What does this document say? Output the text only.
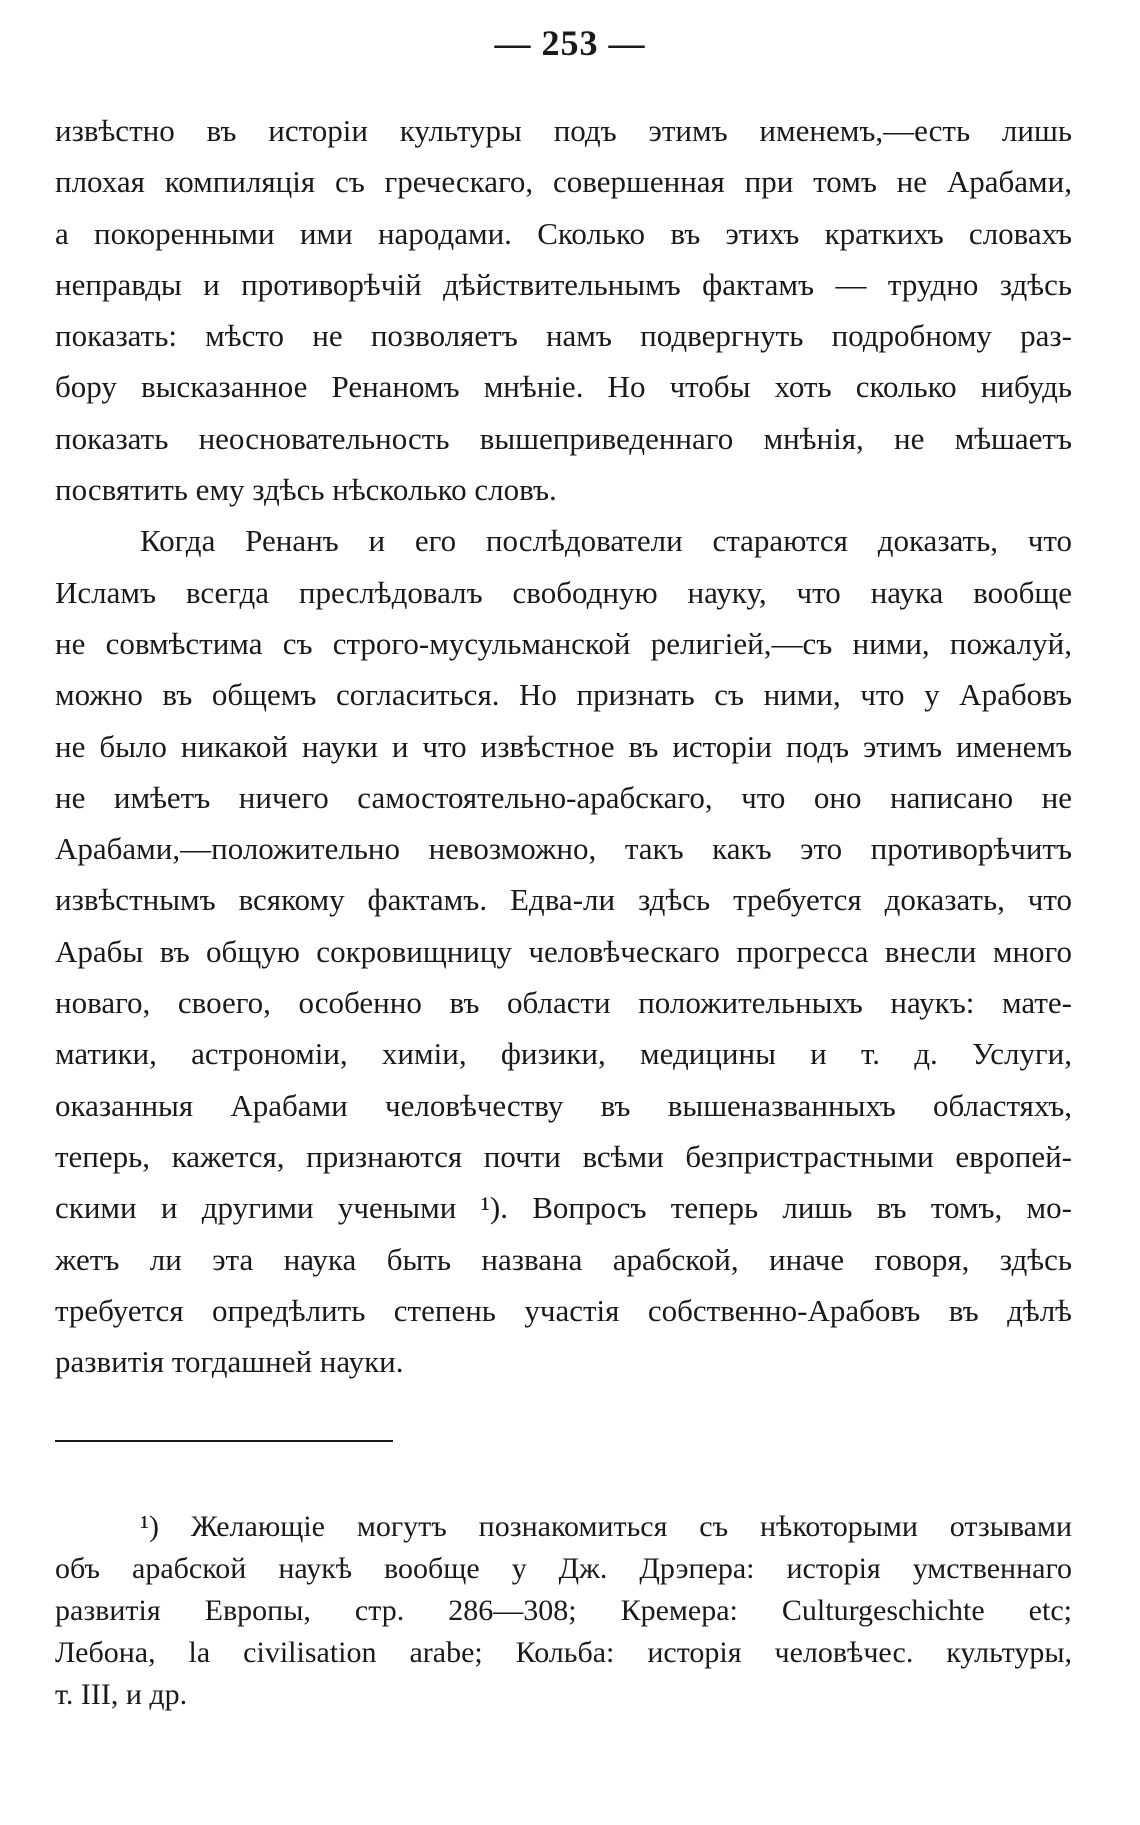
— 253 —
извѣстно въ исторіи культуры подъ этимъ именемъ,—есть лишь
плохая компиляція съ греческаго, совершенная при томъ не Арабами,
а покоренными ими народами. Сколько въ этихъ краткихъ словахъ
неправды и противорѣчій дѣйствительнымъ фактамъ — трудно здѣсь
показать: мѣсто не позволяетъ намъ подвергнуть подробному раз-
бору высказанное Ренаномъ мнѣніе. Но чтобы хоть сколько нибудь
показать неосновательность вышеприведеннаго мнѣнія, не мѣшаетъ
посвятить ему здѣсь нѣсколько словъ.
Когда Ренанъ и его послѣдователи стараются доказать, что
Исламъ всегда преслѣдовалъ свободную науку, что наука вообще
не совмѣстима съ строго-мусульманской религіей,—съ ними, пожалуй,
можно въ общемъ согласиться. Но признать съ ними, что у Арабовъ
не было никакой науки и что извѣстное въ исторіи подъ этимъ именемъ
не имѣетъ ничего самостоятельно-арабскаго, что оно написано не
Арабами,—положительно невозможно, такъ какъ это противорѣчитъ
извѣстнымъ всякому фактамъ. Едва-ли здѣсь требуется доказать, что
Арабы въ общую сокровищницу человѣческаго прогресса внесли много
новаго, своего, особенно въ области положительныхъ наукъ: мате-
матики, астрономіи, химіи, физики, медицины и т. д. Услуги,
оказанныя Арабами человѣчеству въ вышеназванныхъ областяхъ,
теперь, кажется, признаются почти всѣми безпристрастными европей-
скими и другими учеными ¹). Вопросъ теперь лишь въ томъ, мо-
жетъ ли эта наука быть названа арабской, иначе говоря, здѣсь
требуется опредѣлить степень участія собственно-Арабовъ въ дѣлѣ
развитія тогдашней науки.
¹) Желающіе могутъ познакомиться съ нѣкоторыми отзывами
объ арабской наукѣ вообще у Дж. Дрэпера: исторія умственнаго
развитія Европы, стр. 286—308; Кремера: Culturgeschichte etc;
Лебона, la civilisation arabe; Кольба: исторія человѣчес. культуры,
т. III, и др.
